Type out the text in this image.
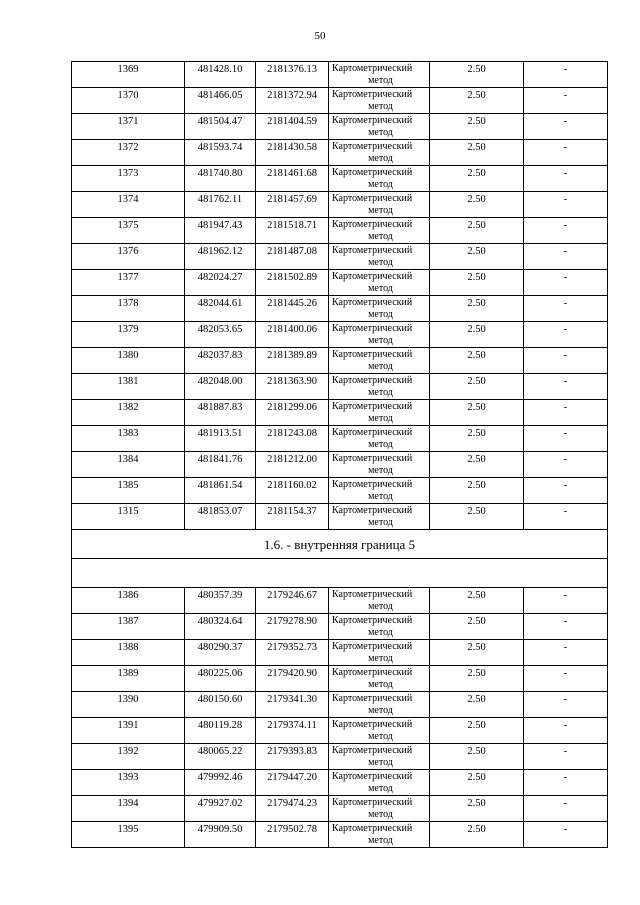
50
1369	481428.10	2181376.13	Картометрический
метод	2.50	-
1370	481466.05	2181372.94	Картометрический
метод	2.50	-
1371	481504.47	2181404.59	Картометрический
метод	2.50	-
1372	481593.74	2181430.58	Картометрический
метод	2.50	-
1373	481740.80	2181461.68	Картометрический
метод	2.50	-
1374	481762.11	2181457.69	Картометрический
метод	2.50	-
1375	481947.43	2181518.71	Картометрический
метод	2.50	-
1376	481962.12	2181487.08	Картометрический
метод	2.50	-
1377	482024.27	2181502.89	Картометрический
метод	2.50	-
1378	482044.61	2181445.26	Картометрический
метод	2.50	-
1379	482053.65	2181400.06	Картометрический
метод	2.50	-
1380	482037.83	2181389.89	Картометрический
метод	2.50	-
1381	482048.00	2181363.90	Картометрический
метод	2.50	-
1382	481887.83	2181299.06	Картометрический
метод	2.50	-
1383	481913.51	2181243.08	Картометрический
метод	2.50	-
1384	481841.76	2181212.00	Картометрический
метод	2.50	-
1385	481861.54	2181160.02	Картометрический
метод	2.50	-
1315	481853.07	2181154.37	Картометрический
метод	2.50	-
1.6. - внутренняя граница 5					

1386	480357.39	2179246.67	Картометрический
метод	2.50	-
1387	480324.64	2179278.90	Картометрический
метод	2.50	-
1388	480290.37	2179352.73	Картометрический
метод	2.50	-
1389	480225.06	2179420.90	Картометрический
метод	2.50	-
1390	480150.60	2179341.30	Картометрический
метод	2.50	-
1391	480119.28	2179374.11	Картометрический
метод	2.50	-
1392	480065.22	2179393.83	Картометрический
метод	2.50	-
1393	479992.46	2179447.20	Картометрический
метод	2.50	-
1394	479927.02	2179474.23	Картометрический
метод	2.50	-
1395	479909.50	2179502.78	Картометрический
метод	2.50	-
